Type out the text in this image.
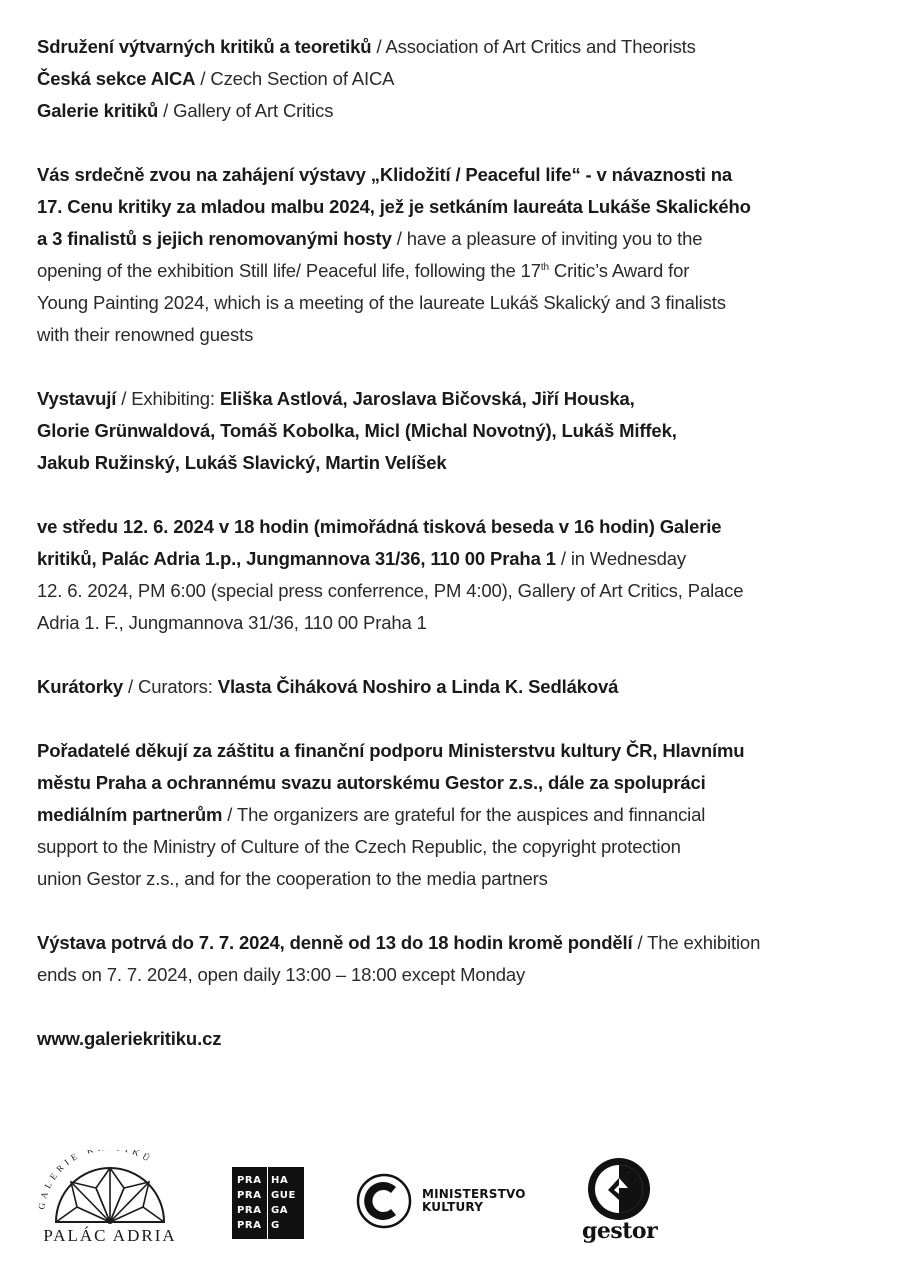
Sdružení výtvarných kritiků a teoretiků / Association of Art Critics and Theorists
Česká sekce AICA / Czech Section of AICA
Galerie kritiků / Gallery of Art Critics
Vás srdečně zvou na zahájení výstavy „Klidožití / Peaceful life“ - v návaznosti na
17. Cenu kritiky za mladou malbu 2024, jež je setkáním laureáta Lukáše Skalického
a 3 finalistů s jejich renomovanými hosty / have a pleasure of inviting you to the
opening of the exhibition Still life/ Peaceful life, following the 17th Critic’s Award for
Young Painting 2024, which is a meeting of the laureate Lukáš Skalický and 3 finalists
with their renowned guests
Vystavují / Exhibiting: Eliška Astlová, Jaroslava Bičovská, Jiří Houska,
Glorie Grünwaldová, Tomáš Kobolka, Micl (Michal Novotný), Lukáš Miffek,
Jakub Ružinský, Lukáš Slavický, Martin Velíšek
ve středu 12. 6. 2024 v 18 hodin (mimořádná tisková beseda v 16 hodin) Galerie
kritiků, Palác Adria 1.p., Jungmannova 31/36, 110 00 Praha 1 / in Wednesday
12. 6. 2024, PM 6:00 (special press conferrence, PM 4:00), Gallery of Art Critics, Palace
Adria 1. F., Jungmannova 31/36, 110 00 Praha 1
Kurátorky / Curators: Vlasta Čiháková Noshiro a Linda K. Sedláková
Pořadatelé děkují za záštitu a finanční podporu Ministerstvu kultury ČR, Hlavnímu
městu Praha a ochrannému svazu autorskému Gestor z.s., dále za spolupráci
mediálním partnerům / The organizers are grateful for the auspices and finnancial
support to the Ministry of Culture of the Czech Republic, the copyright protection
union Gestor z.s., and for the cooperation to the media partners
Výstava potrvá do 7. 7. 2024, denně od 13 do 18 hodin kromě pondělí / The exhibition
ends on 7. 7. 2024, open daily 13:00 – 18:00 except Monday
www.galeriekritiku.cz
GALERIE KŮ
PALÁC ADRIA
PRA
PRA
PRA
PRA
HA
GUE
GA
G
MINISTERSTVO
KULTURY
gestor
